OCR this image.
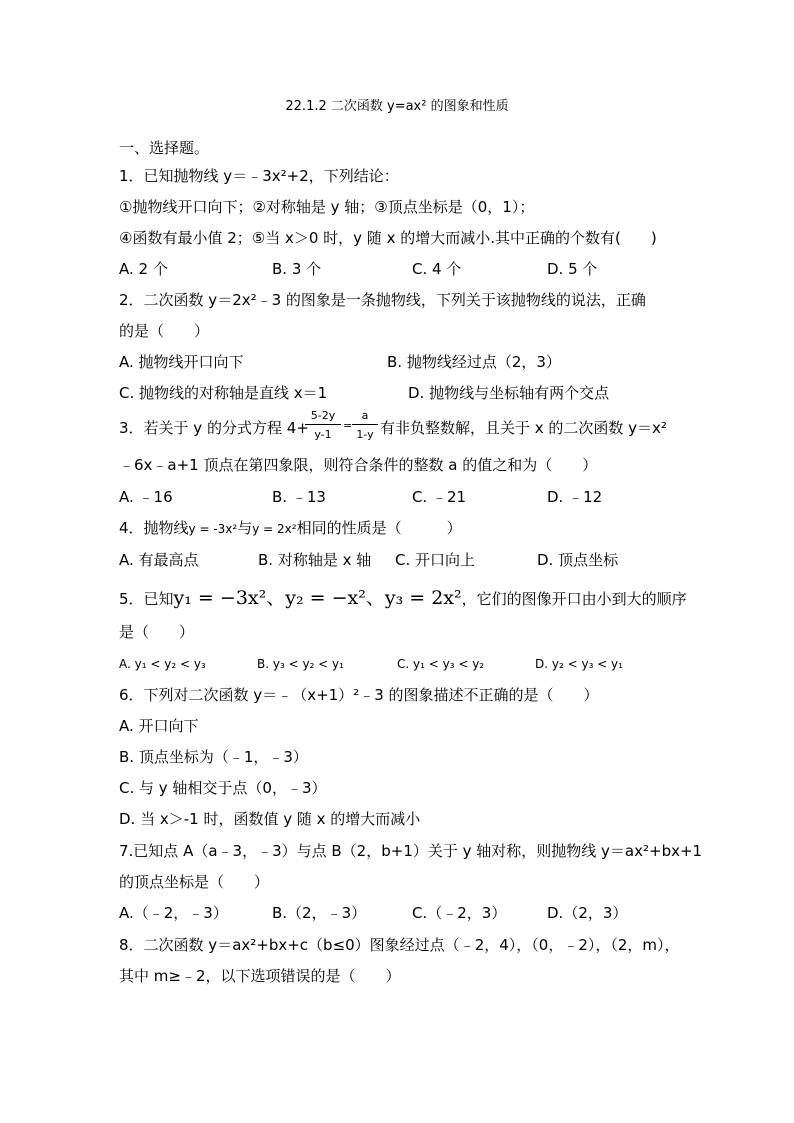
22.1.2 二次函数 y=ax² 的图象和性质
一、选择题。
1．已知抛物线 y＝﹣3x²+2，下列结论：
①抛物线开口向下；②对称轴是 y 轴；③顶点坐标是（0，1）；
④函数有最小值 2；⑤当 x＞0 时，y 随 x 的增大而减小.其中正确的个数有(　　)
A. 2 个	B. 3 个	C. 4 个	D. 5 个
2．二次函数 y＝2x²﹣3 的图象是一条抛物线，下列关于该抛物线的说法，正确
的是（　　）
A. 抛物线开口向下	B. 抛物线经过点（2，3）
C. 抛物线的对称轴是直线 x＝1	D. 抛物线与坐标轴有两个交点
3．若关于 y 的分式方程 4+
5-2y
y-1
=
a
1-y 有非负整数解，且关于 x 的二次函数 y＝x²
﹣6x﹣a+1 顶点在第四象限，则符合条件的整数 a 的值之和为（　　）
A. ﹣16	B. ﹣13	C. ﹣21	D. ﹣12
4．抛物线y = -3x²与y = 2x²相同的性质是（　　　）
A. 有最高点	B. 对称轴是 x 轴 C. 开口向上	D. 顶点坐标
5．已知y₁ = −3x²、y₂ = −x²、y₃ = 2x²，它们的图像开口由小到大的顺序
是（　　）
A. y₁ < y₂ < y₃	B. y₃ < y₂ < y₁	C. y₁ < y₃ < y₂	D. y₂ < y₃ < y₁
6．下列对二次函数 y＝﹣（x+1）²﹣3 的图象描述不正确的是（　　）
A. 开口向下
B. 顶点坐标为（﹣1，﹣3）
C. 与 y 轴相交于点（0，﹣3）
D. 当 x＞-1 时，函数值 y 随 x 的增大而减小
7.已知点 A（a﹣3，﹣3）与点 B（2，b+1）关于 y 轴对称，则抛物线 y＝ax²+bx+1
的顶点坐标是（　　）
A.（﹣2，﹣3）	B.（2，﹣3）	C.（﹣2，3）	D.（2，3）
8．二次函数 y＝ax²+bx+c（b≤0）图象经过点（﹣2，4），（0，﹣2），（2，m），
其中 m≥﹣2，以下选项错误的是（　　）
